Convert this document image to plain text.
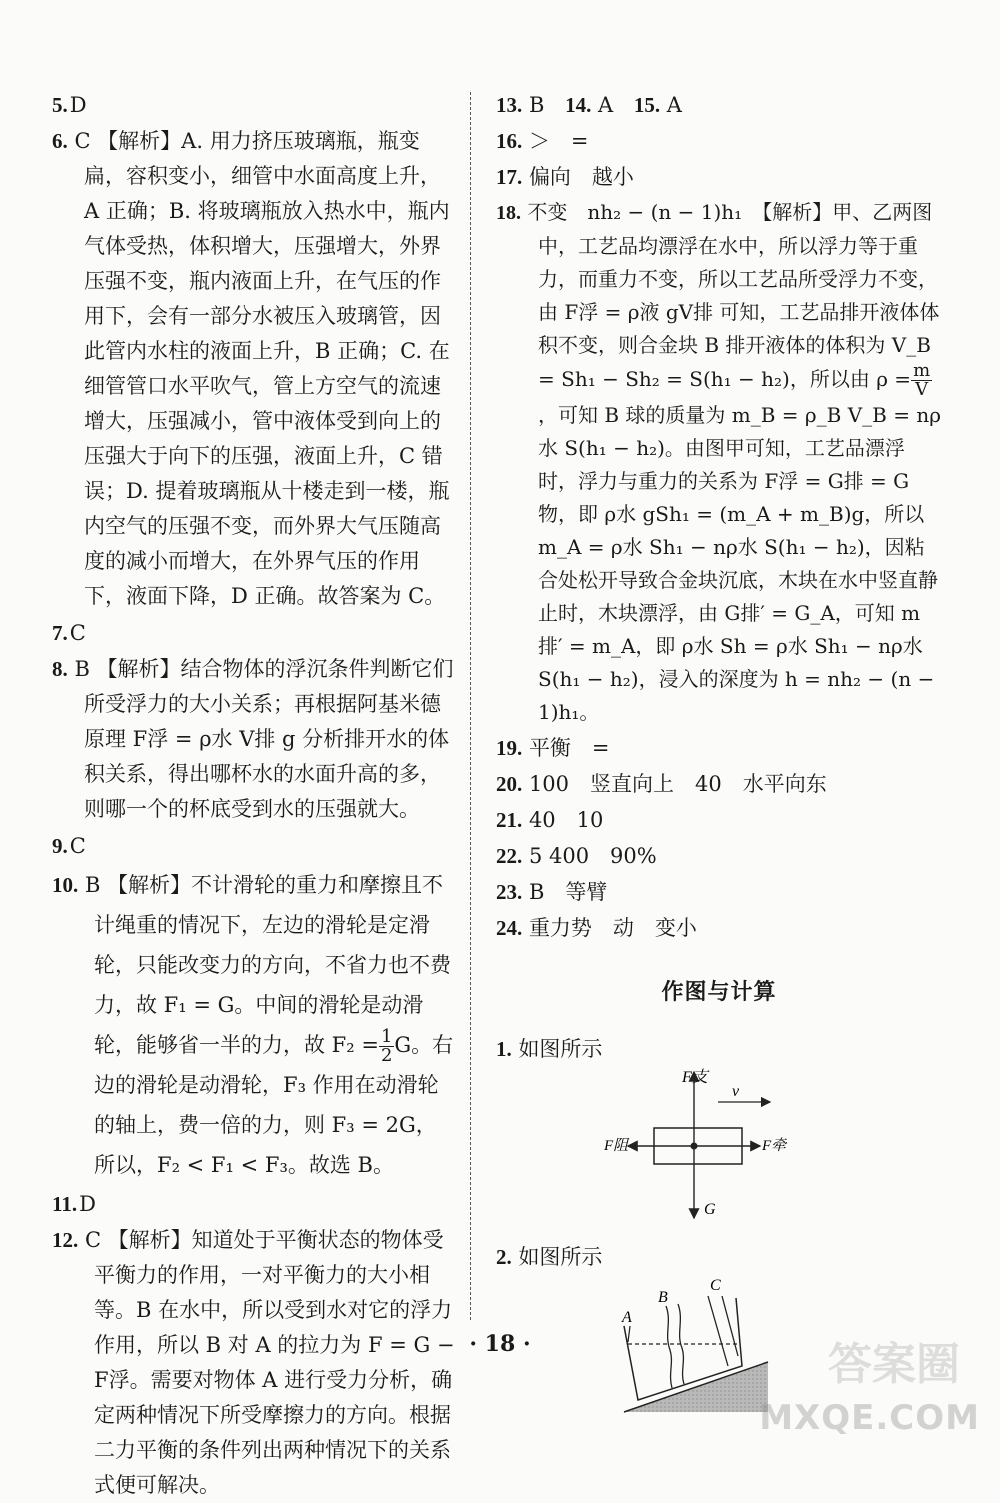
5.D
6. C 【解析】A. 用力挤压玻璃瓶，瓶变扁，容积变小，细管中水面高度上升，A 正确；B. 将玻璃瓶放入热水中，瓶内气体受热，体积增大，压强增大，外界压强不变，瓶内液面上升，在气压的作用下，会有一部分水被压入玻璃管，因此管内水柱的液面上升，B 正确；C. 在细管管口水平吹气，管上方空气的流速增大，压强减小，管中液体受到向上的压强大于向下的压强，液面上升，C 错误；D. 提着玻璃瓶从十楼走到一楼，瓶内空气的压强不变，而外界大气压随高度的减小而增大，在外界气压的作用下，液面下降，D 正确。故答案为 C。
7.C
8. B 【解析】结合物体的浮沉条件判断它们所受浮力的大小关系；再根据阿基米德原理 F浮 = ρ水 V排 g 分析排开水的体积关系，得出哪杯水的水面升高的多，则哪一个的杯底受到水的压强就大。
9.C
10. B 【解析】不计滑轮的重力和摩擦且不计绳重的情况下，左边的滑轮是定滑轮，只能改变力的方向，不省力也不费力，故 F₁ = G。中间的滑轮是动滑轮，能够省一半的力，故 $F_2 = \frac{1}{2}$ G。右边的滑轮是动滑轮，F₃ 作用在动滑轮的轴上，费一倍的力，则 F₃ = 2G，所以，F₂ < F₁ < F₃。故选 B。
11.D
12. C 【解析】知道处于平衡状态的物体受平衡力的作用，一对平衡力的大小相等。B 在水中，所以受到水对它的浮力作用，所以 B 对 A 的拉力为 F = G − F浮。需要对物体 A 进行受力分析，确定两种情况下所受摩擦力的方向。根据二力平衡的条件列出两种情况下的关系式便可解决。
13. B 14. A 15. A
16. ＞　=
17. 偏向　越小
18. 不变　nh₂ − (n − 1)h₁　【解析】甲、乙两图中，工艺品均漂浮在水中，所以浮力等于重力，而重力不变，所以工艺品所受浮力不变，由 F浮 = ρ液 gV排 可知，工艺品排开液体体积不变，则合金块 B 排开液体的体积为 V_B = Sh₁ − Sh₂ = S(h₁ − h₂)，所以由 $\rho = \frac{m}{V}$
，可知 B 球的质量为 m_B = ρ_B V_B = nρ水 S(h₁ − h₂)。由图甲可知，工艺品漂浮时，浮力与重力的关系为 F浮 = G排 = G物，即 ρ水 gSh₁ = (m_A + m_B)g，所以 m_A = ρ水 Sh₁ − nρ水 S(h₁ − h₂)，因粘合处松开导致合金块沉底，木块在水中竖直静止时，木块漂浮，由 G排′ = G_A，可知 m排′ = m_A，即 ρ水 Sh = ρ水 Sh₁ − nρ水 S(h₁ − h₂)，浸入的深度为 h = nh₂ − (n − 1)h₁。
19. 平衡　=
20. 100　竖直向上　40　水平向东
21. 40　10
22. 5 400　90%
23. B　等臂
24. 重力势　动　变小
作图与计算
1. 如图所示
F支
v
F阻	F牵
G
2. 如图所示
A
B
C
· 18 ·	答案圈
MXQE.COM
